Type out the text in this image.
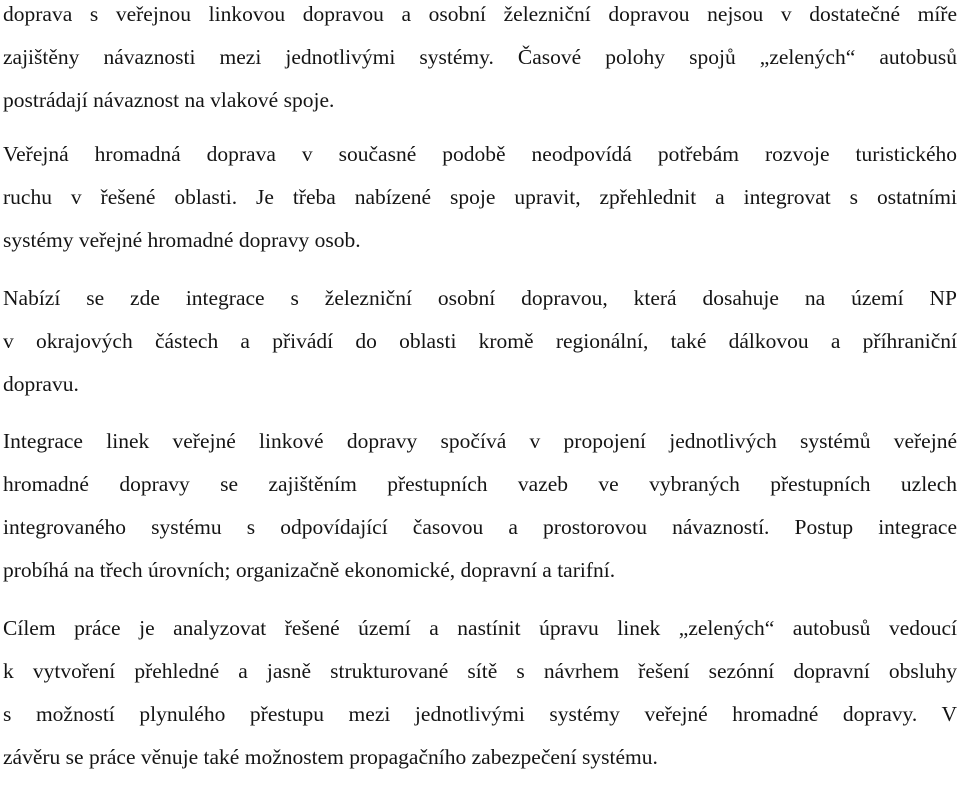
doprava s veřejnou linkovou dopravou a osobní železniční dopravou nejsou v dostatečné míře
zajištěny návaznosti mezi jednotlivými systémy. Časové polohy spojů „zelených“ autobusů
postrádají návaznost na vlakové spoje.

Veřejná hromadná doprava v současné podobě neodpovídá potřebám rozvoje turistického
ruchu v řešené oblasti. Je třeba nabízené spoje upravit, zpřehlednit a integrovat s ostatními
systémy veřejné hromadné dopravy osob.

Nabízí se zde integrace s železniční osobní dopravou, která dosahuje na území NP
v okrajových částech a přivádí do oblasti kromě regionální, také dálkovou a příhraniční
dopravu.

Integrace linek veřejné linkové dopravy spočívá v propojení jednotlivých systémů veřejné
hromadné dopravy se zajištěním přestupních vazeb ve vybraných přestupních uzlech
integrovaného systému s odpovídající časovou a prostorovou návazností. Postup integrace
probíhá na třech úrovních; organizačně ekonomické, dopravní a tarifní.

Cílem práce je analyzovat řešené území a nastínit úpravu linek „zelených“ autobusů vedoucí
k vytvoření přehledné a jasně strukturované sítě s návrhem řešení sezónní dopravní obsluhy
s možností plynulého přestupu mezi jednotlivými systémy veřejné hromadné dopravy. V
závěru se práce věnuje také možnostem propagačního zabezpečení systému.
